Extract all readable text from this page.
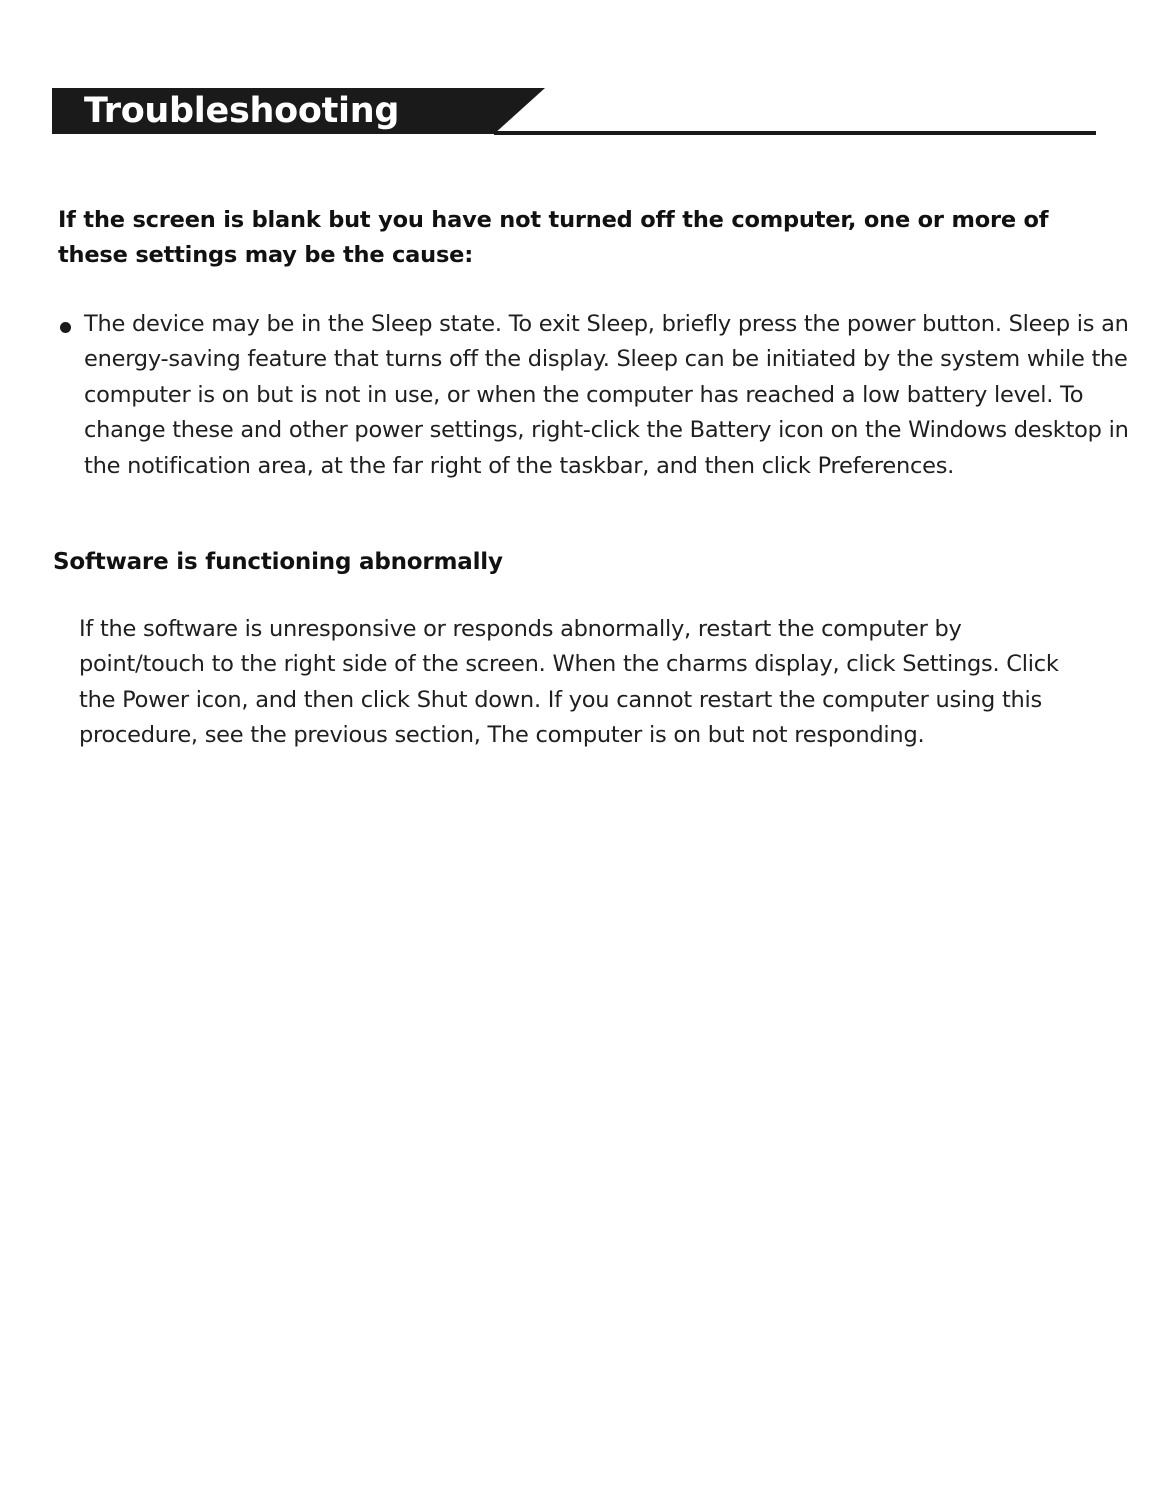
Troubleshooting
If the screen is blank but you have not turned off the computer, one or more of these settings may be the cause:
The device may be in the Sleep state. To exit Sleep, briefly press the power button. Sleep is an energy-saving feature that turns off the display. Sleep can be initiated by the system while the computer is on but is not in use, or when the computer has reached a low battery level. To change these and other power settings, right-click the Battery icon on the Windows desktop in the notification area, at the far right of the taskbar, and then click Preferences.
Software is functioning abnormally
If the software is unresponsive or responds abnormally, restart the computer by point/touch to the right side of the screen. When the charms display, click Settings. Click the Power icon, and then click Shut down. If you cannot restart the computer using this procedure, see the previous section, The computer is on but not responding.
